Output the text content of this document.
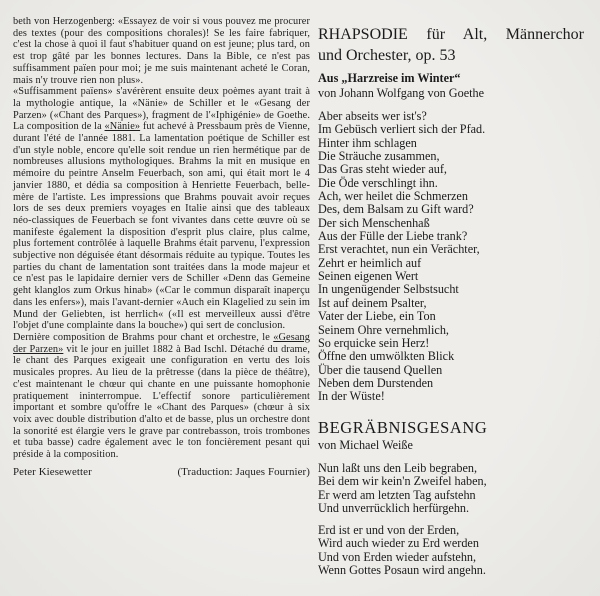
beth von Herzogenberg: «Essayez de voir si vous pouvez me procurer des textes (pour des compositions chorales)! Se les faire fabriquer, c'est la chose à quoi il faut s'habituer quand on est jeune; plus tard, on est trop gâté par les bonnes lectures. Dans la Bible, ce n'est pas suffisamment païen pour moi; je me suis maintenant acheté le Coran, mais n'y trouve rien non plus».

«Suffisamment païens» s'avérèrent ensuite deux poèmes ayant trait à la mythologie antique, la «Nänie» de Schiller et le «Gesang der Parzen» («Chant des Parques»), fragment de l'«Iphigénie» de Goethe. La composition de la «Nänie» fut achevé à Pressbaum près de Vienne, durant l'été de l'année 1881. La lamentation poétique de Schiller est d'un style noble, encore qu'elle soit rendue un rien hermétique par de nombreuses allusions mythologiques. Brahms la mit en musique en mémoire du peintre Anselm Feuerbach, son ami, qui était mort le 4 janvier 1880, et dédia sa composition à Henriette Feuerbach, belle-mère de l'artiste. Les impressions que Brahms pouvait avoir reçues lors de ses deux premiers voyages en Italie ainsi que des tableaux néo-classiques de Feuerbach se font vivantes dans cette œuvre où se manifeste également la disposition d'esprit plus claire, plus calme, plus fortement contrôlée à laquelle Brahms était parvenu, l'expression subjective non déguisée étant désormais réduite au typique. Toutes les parties du chant de lamentation sont traitées dans la mode majeur et ce n'est pas le lapidaire dernier vers de Schiller «Denn das Gemeine geht klanglos zum Orkus hinab» («Car le commun disparaît inaperçu dans les enfers»), mais l'avant-dernier «Auch ein Klagelied zu sein im Mund der Geliebten, ist herrlich« («Il est merveilleux aussi d'être l'objet d'une complainte dans la bouche») qui sert de conclusion.

Dernière composition de Brahms pour chant et orchestre, le «Gesang der Parzen» vit le jour en juillet 1882 à Bad Ischl. Détaché du drame, le chant des Parques exigeait une configuration en vertu des lois musicales propres. Au lieu de la prêtresse (dans la pièce de théâtre), c'est maintenant le chœur qui chante en une puissante homophonie pratiquement ininterrompue. L'effectif sonore particulièrement important et sombre qu'offre le «Chant des Parques» (chœur à six voix avec double distribution d'alto et de basse, plus un orchestre dont la sonorité est élargie vers le grave par contrebasson, trois trombones et tuba basse) cadre également avec le ton foncièrement pesant qui préside à la composition.

Peter Kiesewetter	(Traduction: Jaques Fournier)
RHAPSODIE für Alt, Männerchor
und Orchester, op. 53
Aus „Harzreise im Winter“
von Johann Wolfgang von Goethe
Aber abseits wer ist's?
Im Gebüsch verliert sich der Pfad.
Hinter ihm schlagen
Die Sträuche zusammen,
Das Gras steht wieder auf,
Die Öde verschlingt ihn.
Ach, wer heilet die Schmerzen
Des, dem Balsam zu Gift ward?
Der sich Menschenhaß
Aus der Fülle der Liebe trank?
Erst verachtet, nun ein Verächter,
Zehrt er heimlich auf
Seinen eigenen Wert
In ungenügender Selbstsucht
Ist auf deinem Psalter,
Vater der Liebe, ein Ton
Seinem Ohre vernehmlich,
So erquicke sein Herz!
Öffne den umwölkten Blick
Über die tausend Quellen
Neben dem Durstenden
In der Wüste!
BEGRÄBNISGESANG
von Michael Weiße
Nun laßt uns den Leib begraben,
Bei dem wir kein'n Zweifel haben,
Er werd am letzten Tag aufstehn
Und unverrücklich herfürgehn.
Erd ist er und von der Erden,
Wird auch wieder zu Erd werden
Und von Erden wieder aufstehn,
Wenn Gottes Posaun wird angehn.
